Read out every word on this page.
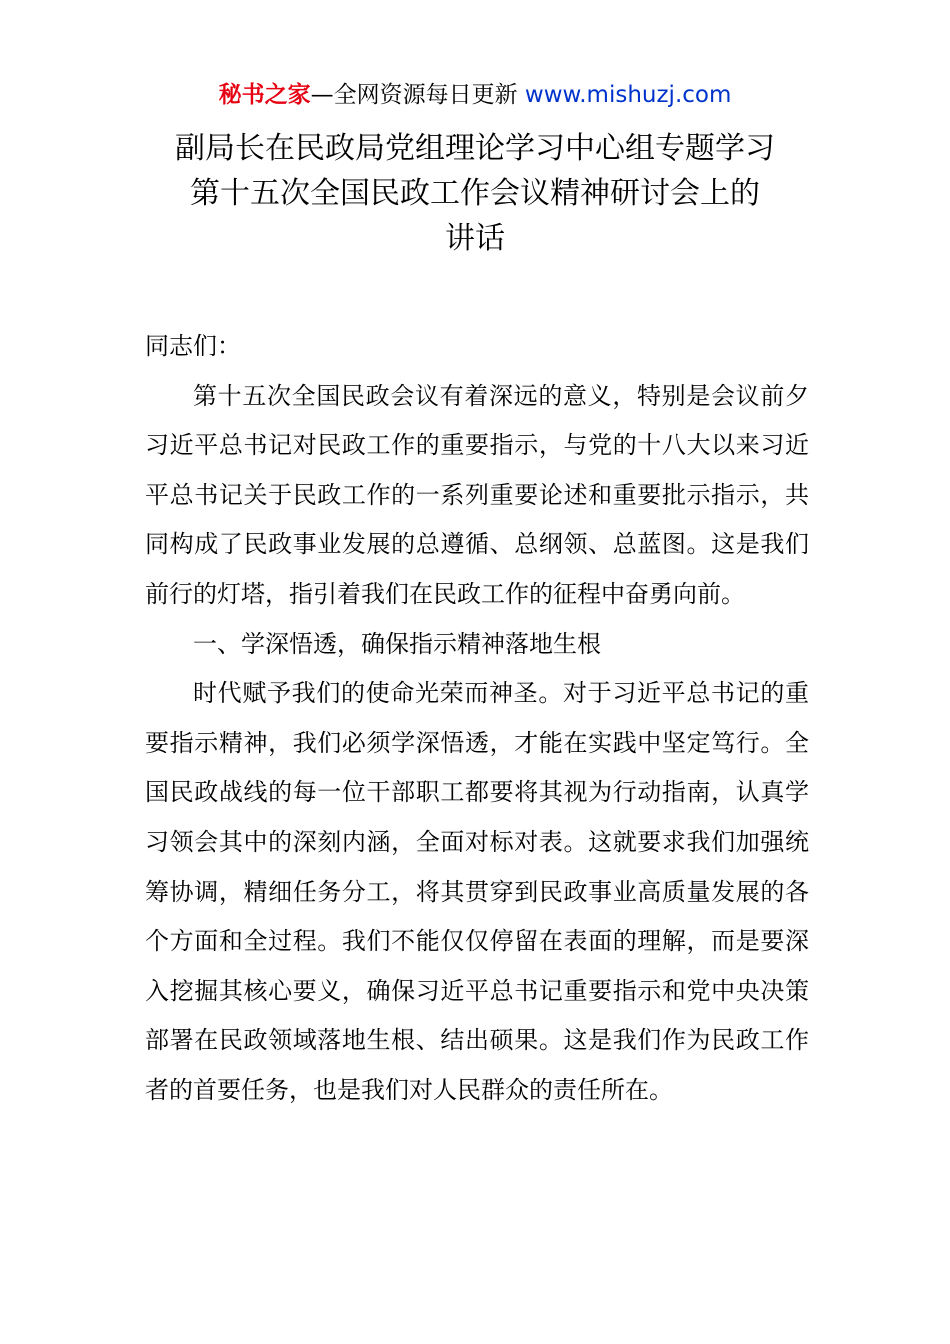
秘书之家—全网资源每日更新 www.mishuzj.com
副局长在民政局党组理论学习中心组专题学习
第十五次全国民政工作会议精神研讨会上的
讲话

同志们：

第十五次全国民政会议有着深远的意义，特别是会议前夕习近平总书记对民政工作的重要指示，与党的十八大以来习近平总书记关于民政工作的一系列重要论述和重要批示指示，共同构成了民政事业发展的总遵循、总纲领、总蓝图。这是我们前行的灯塔，指引着我们在民政工作的征程中奋勇向前。

一、学深悟透，确保指示精神落地生根

时代赋予我们的使命光荣而神圣。对于习近平总书记的重要指示精神，我们必须学深悟透，才能在实践中坚定笃行。全国民政战线的每一位干部职工都要将其视为行动指南，认真学习领会其中的深刻内涵，全面对标对表。这就要求我们加强统筹协调，精细任务分工，将其贯穿到民政事业高质量发展的各个方面和全过程。我们不能仅仅停留在表面的理解，而是要深入挖掘其核心要义，确保习近平总书记重要指示和党中央决策部署在民政领域落地生根、结出硕果。这是我们作为民政工作者的首要任务，也是我们对人民群众的责任所在。
